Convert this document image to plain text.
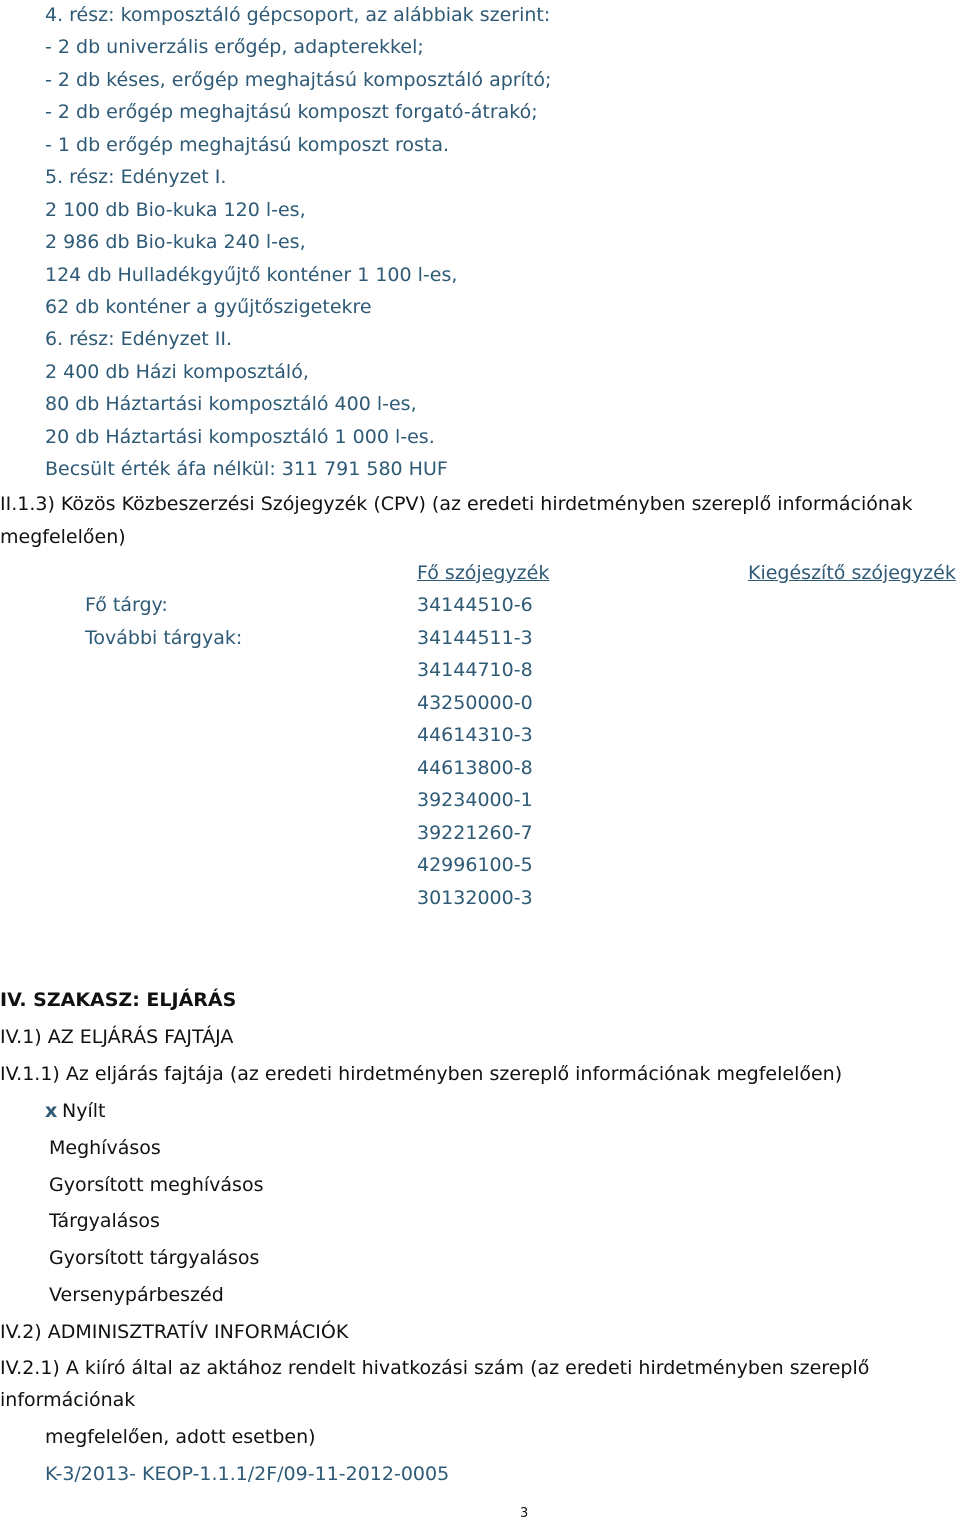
4. rész: komposztáló gépcsoport, az alábbiak szerint:
- 2 db univerzális erőgép, adapterekkel;
- 2 db késes, erőgép meghajtású komposztáló aprító;
- 2 db erőgép meghajtású komposzt forgató-átrakó;
- 1 db erőgép meghajtású komposzt rosta.
5. rész: Edényzet I.
2 100 db Bio-kuka 120 l-es,
2 986 db Bio-kuka 240 l-es,
124 db Hulladékgyűjtő konténer 1 100 l-es,
62 db konténer a gyűjtőszigetekre
6. rész: Edényzet II.
2 400 db Házi komposztáló,
80 db Háztartási komposztáló 400 l-es,
20 db Háztartási komposztáló 1 000 l-es.
Becsült érték áfa nélkül: 311 791 580 HUF
II.1.3) Közös Közbeszerzési Szójegyzék (CPV) (az eredeti hirdetményben szereplő információnak
megfelelően)
Fő szójegyzék	Kiegészítő szójegyzék
Fő tárgy:	34144510-6
További tárgyak:	34144511-3
34144710-8
43250000-0
44614310-3
44613800-8
39234000-1
39221260-7
42996100-5
30132000-3
IV. SZAKASZ: ELJÁRÁS
IV.1) AZ ELJÁRÁS FAJTÁJA
IV.1.1) Az eljárás fajtája (az eredeti hirdetményben szereplő információnak megfelelően)
x Nyílt
Meghívásos
Gyorsított meghívásos
Tárgyalásos
Gyorsított tárgyalásos
Versenypárbeszéd
IV.2) ADMINISZTRATÍV INFORMÁCIÓK
IV.2.1) A kiíró által az aktához rendelt hivatkozási szám (az eredeti hirdetményben szereplő
információnak
megfelelően, adott esetben)
K-3/2013- KEOP-1.1.1/2F/09-11-2012-0005
3
